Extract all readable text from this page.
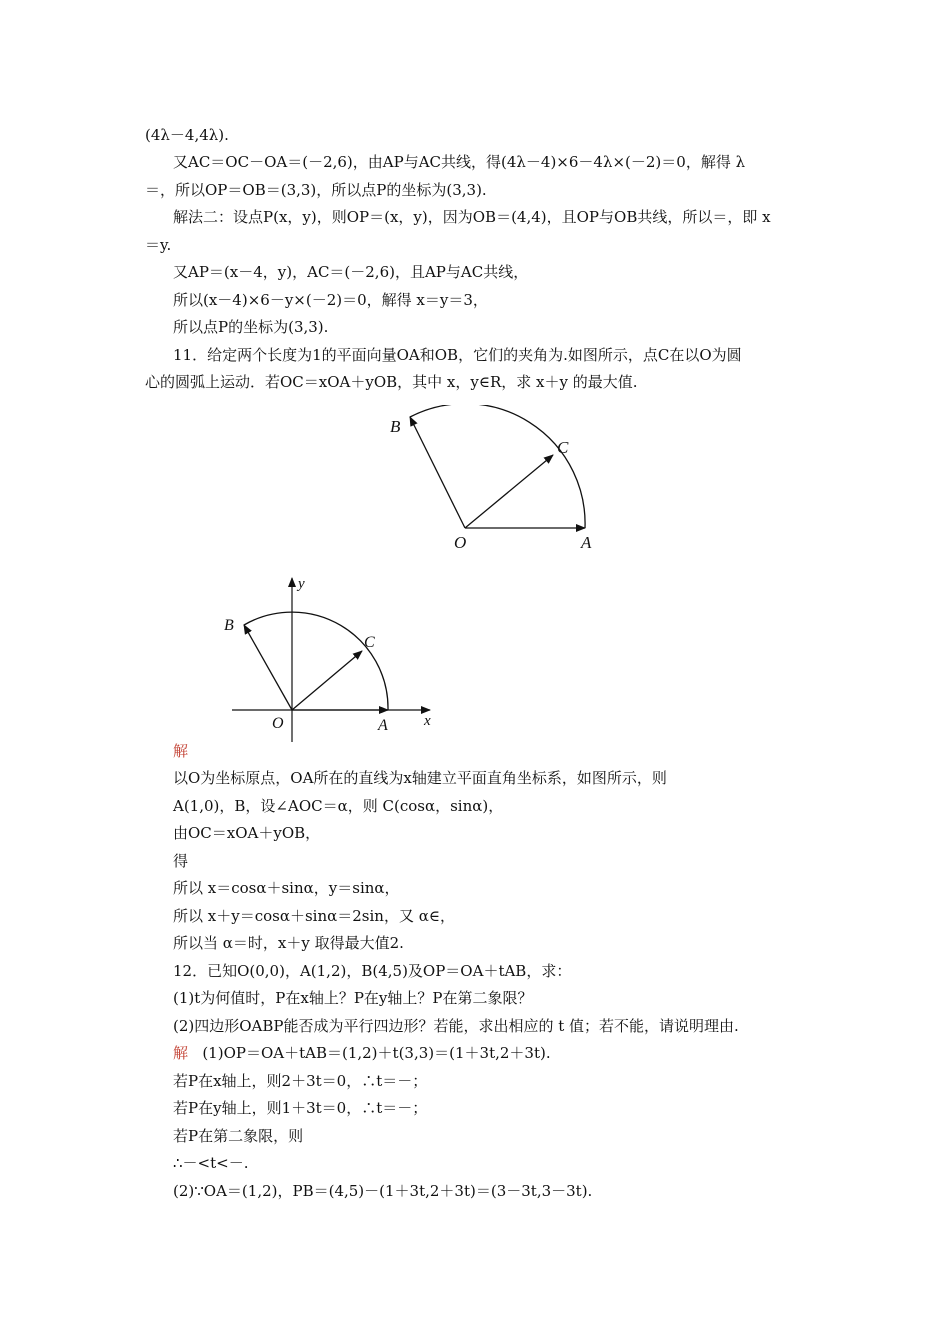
(4λ－4,4λ).
又AC＝OC－OA＝(－2,6)，由AP与AC共线，得(4λ－4)×6－4λ×(－2)＝0，解得 λ
＝，所以OP＝OB＝(3,3)，所以点P的坐标为(3,3).
解法二：设点P(x，y)，则OP＝(x，y)，因为OB＝(4,4)，且OP与OB共线，所以＝，即 x
＝y.
又AP＝(x－4，y)，AC＝(－2,6)，且AP与AC共线，
所以(x－4)×6－y×(－2)＝0，解得 x＝y＝3，
所以点P的坐标为(3,3).
11．给定两个长度为1的平面向量OA和OB，它们的夹角为.如图所示，点C在以O为圆
心的圆弧上运动．若OC＝xOA＋yOB，其中 x，y∈R，求 x＋y 的最大值.
B
C
O	A
y
B
C
O	A x
解
以O为坐标原点，OA所在的直线为x轴建立平面直角坐标系，如图所示，则
A(1,0)，B，设∠AOC＝α，则 C(cosα，sinα)，
由OC＝xOA＋yOB，
得
所以 x＝cosα＋sinα，y＝sinα，
所以 x＋y＝cosα＋sinα＝2sin，又 α∈，
所以当 α＝时，x＋y 取得最大值2.
12．已知O(0,0)，A(1,2)，B(4,5)及OP＝OA＋tAB，求：
(1)t为何值时，P在x轴上？P在y轴上？P在第二象限？
(2)四边形OABP能否成为平行四边形？若能，求出相应的 t 值；若不能，请说明理由.
解 (1)OP＝OA＋tAB＝(1,2)＋t(3,3)＝(1＋3t,2＋3t).
若P在x轴上，则2＋3t＝0，∴t＝－；
若P在y轴上，则1＋3t＝0，∴t＝－；
若P在第二象限，则
∴－<t<－.
(2)∵OA＝(1,2)，PB＝(4,5)－(1＋3t,2＋3t)＝(3－3t,3－3t).
